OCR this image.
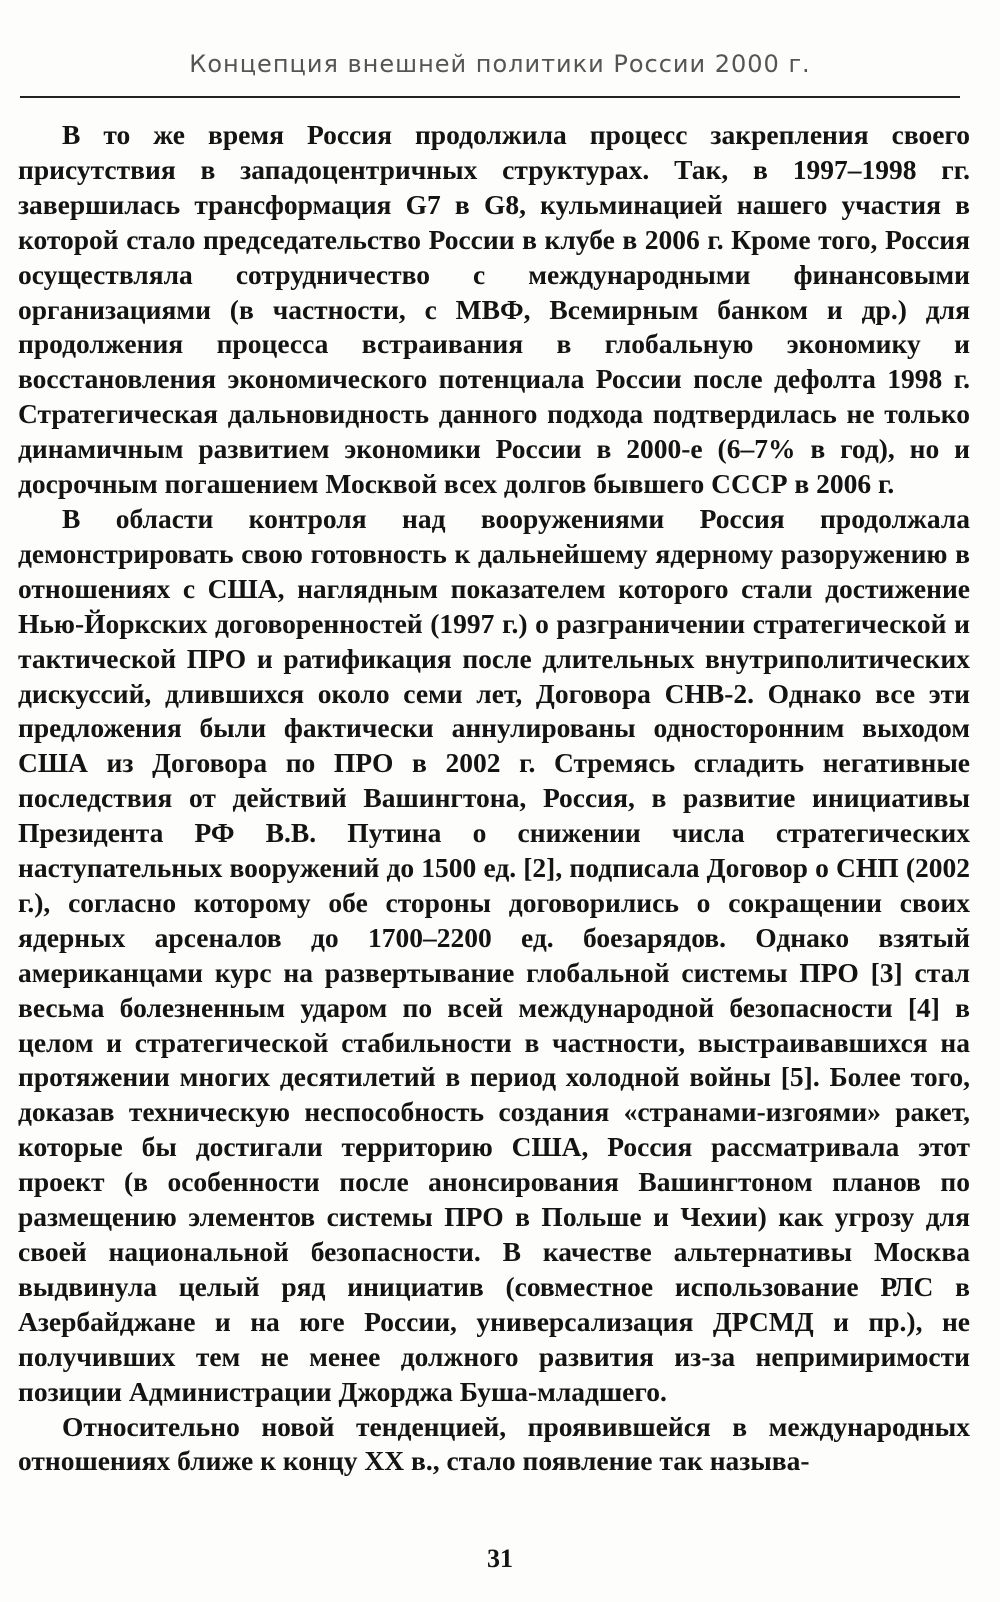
Концепция внешней политики России 2000 г.

В то же время Россия продолжила процесс закрепления своего присутствия в западоцентричных структурах. Так, в 1997–1998 гг. завершилась трансформация G7 в G8, кульминацией нашего участия в которой стало председательство России в клубе в 2006 г. Кроме того, Россия осуществляла сотрудничество с международными финансовыми организациями (в частности, с МВФ, Всемирным банком и др.) для продолжения процесса встраивания в глобальную экономику и восстановления экономического потенциала России после дефолта 1998 г. Стратегическая дальновидность данного подхода подтвердилась не только динамичным развитием экономики России в 2000-е (6–7% в год), но и досрочным погашением Москвой всех долгов бывшего СССР в 2006 г.

В области контроля над вооружениями Россия продолжала демонстрировать свою готовность к дальнейшему ядерному разоружению в отношениях с США, наглядным показателем которого стали достижение Нью-Йоркских договоренностей (1997 г.) о разграничении стратегической и тактической ПРО и ратификация после длительных внутриполитических дискуссий, длившихся около семи лет, Договора СНВ-2. Однако все эти предложения были фактически аннулированы односторонним выходом США из Договора по ПРО в 2002 г. Стремясь сгладить негативные последствия от действий Вашингтона, Россия, в развитие инициативы Президента РФ В.В. Путина о снижении числа стратегических наступательных вооружений до 1500 ед. [2], подписала Договор о СНП (2002 г.), согласно которому обе стороны договорились о сокращении своих ядерных арсеналов до 1700–2200 ед. боезарядов. Однако взятый американцами курс на развертывание глобальной системы ПРО [3] стал весьма болезненным ударом по всей международной безопасности [4] в целом и стратегической стабильности в частности, выстраивавшихся на протяжении многих десятилетий в период холодной войны [5]. Более того, доказав техническую неспособность создания «странами-изгоями» ракет, которые бы достигали территорию США, Россия рассматривала этот проект (в особенности после анонсирования Вашингтоном планов по размещению элементов системы ПРО в Польше и Чехии) как угрозу для своей национальной безопасности. В качестве альтернативы Москва выдвинула целый ряд инициатив (совместное использование РЛС в Азербайджане и на юге России, универсализация ДРСМД и пр.), не получивших тем не менее должного развития из-за непримиримости позиции Администрации Джорджа Буша-младшего.

Относительно новой тенденцией, проявившейся в международных отношениях ближе к концу XX в., стало появление так называ-

31
